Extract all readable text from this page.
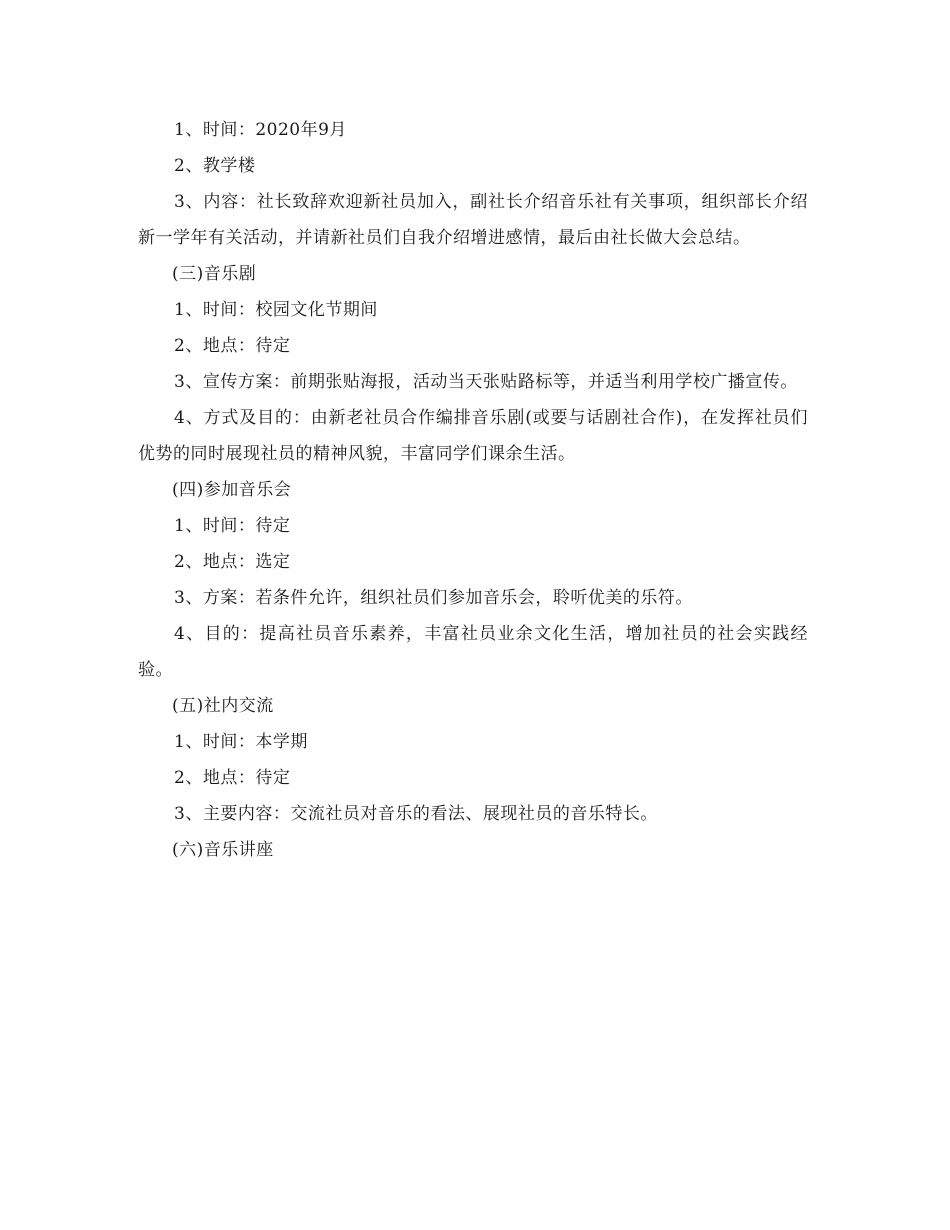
1、时间：2020年9月

2、教学楼

3、内容：社长致辞欢迎新社员加入，副社长介绍音乐社有关事项，组织部长介绍新一学年有关活动，并请新社员们自我介绍增进感情，最后由社长做大会总结。

(三)音乐剧

1、时间：校园文化节期间

2、地点：待定

3、宣传方案：前期张贴海报，活动当天张贴路标等，并适当利用学校广播宣传。

4、方式及目的：由新老社员合作编排音乐剧(或要与话剧社合作)，在发挥社员们优势的同时展现社员的精神风貌，丰富同学们课余生活。

(四)参加音乐会

1、时间：待定

2、地点：选定

3、方案：若条件允许，组织社员们参加音乐会，聆听优美的乐符。

4、目的：提高社员音乐素养，丰富社员业余文化生活，增加社员的社会实践经验。

(五)社内交流

1、时间：本学期

2、地点：待定

3、主要内容：交流社员对音乐的看法、展现社员的音乐特长。

(六)音乐讲座
